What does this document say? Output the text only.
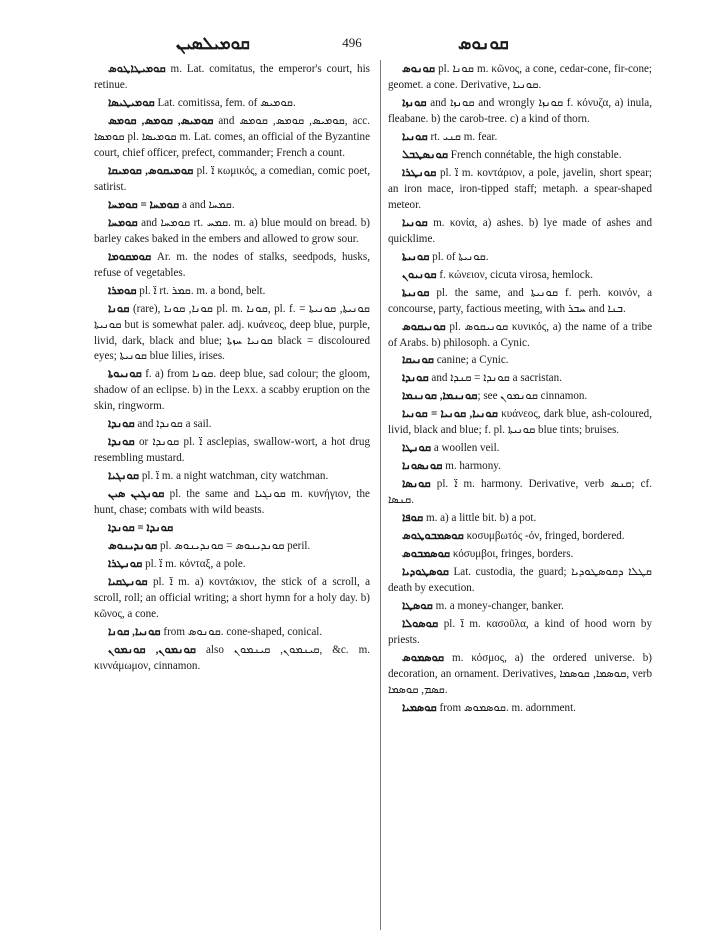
ܩܘܡܝܠܣܝܢ	496	ܩܘܢܘܣ

ܩܘܡܝܛܐܛܘܣ m. Lat. comitatus, the emperor's court, his retinue.

ܩܘܡܝܛܝܣܐ Lat. comitissa, fem. of ܩܘܡܝܣ.

ܩܘܡܝܣ, ܩܘܡܣ, ܩܘܡܣ and ܩܘܡܝܣ, ܩܘܡܣ, ܩܘܡܣ, acc. ܩܘܡܣܐ pl. ܩܘܡܝܣܐ m. Lat. comes, an official of the Byzantine court, chief officer, prefect, commander; French a count.

ܩܘܡܝܩܘܣ, ܩܘܡܝܩܐ pl. ܐ̈ κωμικός, a comedian, comic poet, satirist.

ܩܘܡܚܐ = ܩܘܡܚܐ a and ܩܡܚܐ.

ܩܘܡܚܐ and ܩܘܡܚܐ rt. ܩܡܚ. m. a) blue mould on bread. b) barley cakes baked in the embers and allowed to grow sour.

ܩܘܡܩܘܡܐ Ar. m. the nodes of stalks, seedpods, husks, refuse of vegetables.

ܩܘܡܪܐ pl. ܐ̈ rt. ܩܡܪ. m. a bond, belt.

ܩܘܢܐ (rare), ܩܘܢܐ, ܩܘܢܐ pl. m. ܩܘܢܐ, pl. f. ܩܘܢܝܬܐ, ܩܘܢܝܬܐ = ܩܘܢܝܬܐ but is somewhat paler. adj. κυάνεος, deep blue, purple, livid, dark, black and blue; ܩܘܢܝܐ ܚܙܬܐ black = discoloured eyes; ܩܘܢܝܬܐ blue lilies, irises.

ܩܘܢܝܘܬܐ f. a) from ܩܘܢܐ. deep blue, sad colour; the gloom, shadow of an eclipse. b) in the Lexx. a scabby eruption on the skin, ringworm.

ܩܘܢܕܐ and ܩܘܢܕܐ a sail.

ܩܘܢܕܐ or ܩܘܢܕܐ pl. ܐ̈ asclepias, swallow-wort, a hot drug resembling mustard.

ܩܘܢܓܝܐ pl. ܐ̈ m. a night watchman, city watchman.

ܩܘܢܓܝܢ ܣܝܢ pl. the same and ܩܘܢܓܝܐ m. κυνήγιον, the hunt, chase; combats with wild beasts.

ܩܘܢܕܐ = ܩܘܢܕܐ

ܩܘܢܕܝܢܘܣ pl. ܩܘܢܕܝܢܘܣ = ܩܘܢܕܝܢܘܣ peril.

ܩܘܢܛܪܐ pl. ܐ̈ m. κόνταξ, a pole.

ܩܘܢܛܩܝܐ pl. ܐ̈ m. a) κοντάκιον, the stick of a scroll, a scroll, roll; an official writing; a short hymn for a holy day. b) κῶνος, a cone.

ܩܘܢܝܐ, ܩܘܢܐ from ܩܘܢܘܣ. cone-shaped, conical.

ܩܘܢܡܘܢ, ܩܘܢܡܘܢ also ܩܝܢܡܘܢ, ܩܝܢܡܘܢ, &c. m. κιννάμωμον, cinnamon.

ܩܘܢܘܣ pl. ܩܘܢܐ m. κῶνος, a cone, cedar-cone, fir-cone; geomet. a cone. Derivative, ܩܘܢܝܐ.

ܩܘܢܙܐ and ܩܘܢܙܐ and wrongly ܩܘܢܙܐ f. κόνυζα, a) inula, fleabane. b) the carob-tree. c) a kind of thorn.

ܩܘܢܝܐ rt. ܩܢܝ m. fear.

ܩܘܢܣܛܒܠ French connétable, the high constable.

ܩܘܢܛܪܐ pl. ܐ̈ m. κοντάριον, a pole, javelin, short spear; an iron mace, iron-tipped staff; metaph. a spear-shaped meteor.

ܩܘܢܝܐ m. κονία, a) ashes. b) lye made of ashes and quicklime.

ܩܘܢܝܬܐ pl. of ܩܘܢܝܬܐ.

ܩܘܢܝܘܢ f. κώνειον, cicuta virosa, hemlock.

ܩܘܢܝܬܐ pl. the same, and ܩܘܢܝܬܐ f. perh. κοινόν, a concourse, party, factious meeting, with ܚܒܪ and ܒܢܐ.

ܩܘܢܝܩܘܣ pl. ܩܘܢܝܩܘܣ κυνικός, a) the name of a tribe of Arabs. b) philosoph. a Cynic.

ܩܘܢܝܩܐ canine; a Cynic.

ܩܘܢܕܐ and ܩܘܢܕܐ = ܩܢܕܐ a sacristan.

ܩܘܢܢܡܐ, ܩܘܢܢܡܐ; see ܩܘܢܡܘܢ cinnamon.

ܩܘܢܝܐ, ܩܘܢܝܐ = ܩܘܢܝܐ κυάνεος, dark blue, ash-coloured, livid, black and blue; f. pl. ܩܘܢܝܬܐ blue tints; bruises.

ܩܘܢܛܐ a woollen veil.

ܩܘܢܣܘܢܐ m. harmony.

ܩܘܢܣܐ pl. ܐ̈ m. harmony. Derivative, verb ܩܢܣ; cf. ܩܢܣܐ.

ܩܘܦܐ m. a) a little bit. b) a pot.

ܩܘܣܡܒܘܛܘܣ κοσυμβωτός -όν, fringed, bordered.

ܩܘܣܡܒܘܣ κόσυμβοι, fringes, borders.

ܩܘܣܛܘܕܝܐ Lat. custodia, the guard; ܩܛܠܐ ܕܩܘܣܛܘܕܝܐ death by execution.

ܩܘܣܛܐ m. a money-changer, banker.

ܩܘܣܘܠܐ pl. ܐ̈ m. κασοῦλα, a kind of hood worn by priests.

ܩܘܣܡܘܣ m. κόσμος, a) the ordered universe. b) decoration, an ornament. Derivatives, ܩܘܣܡܐ, ܩܘܣܡܐ, verb ܩܣܡ, ܩܘܣܡܐ.

ܩܘܣܡܝܐ from ܩܘܣܡܘܣ. m. adornment.
